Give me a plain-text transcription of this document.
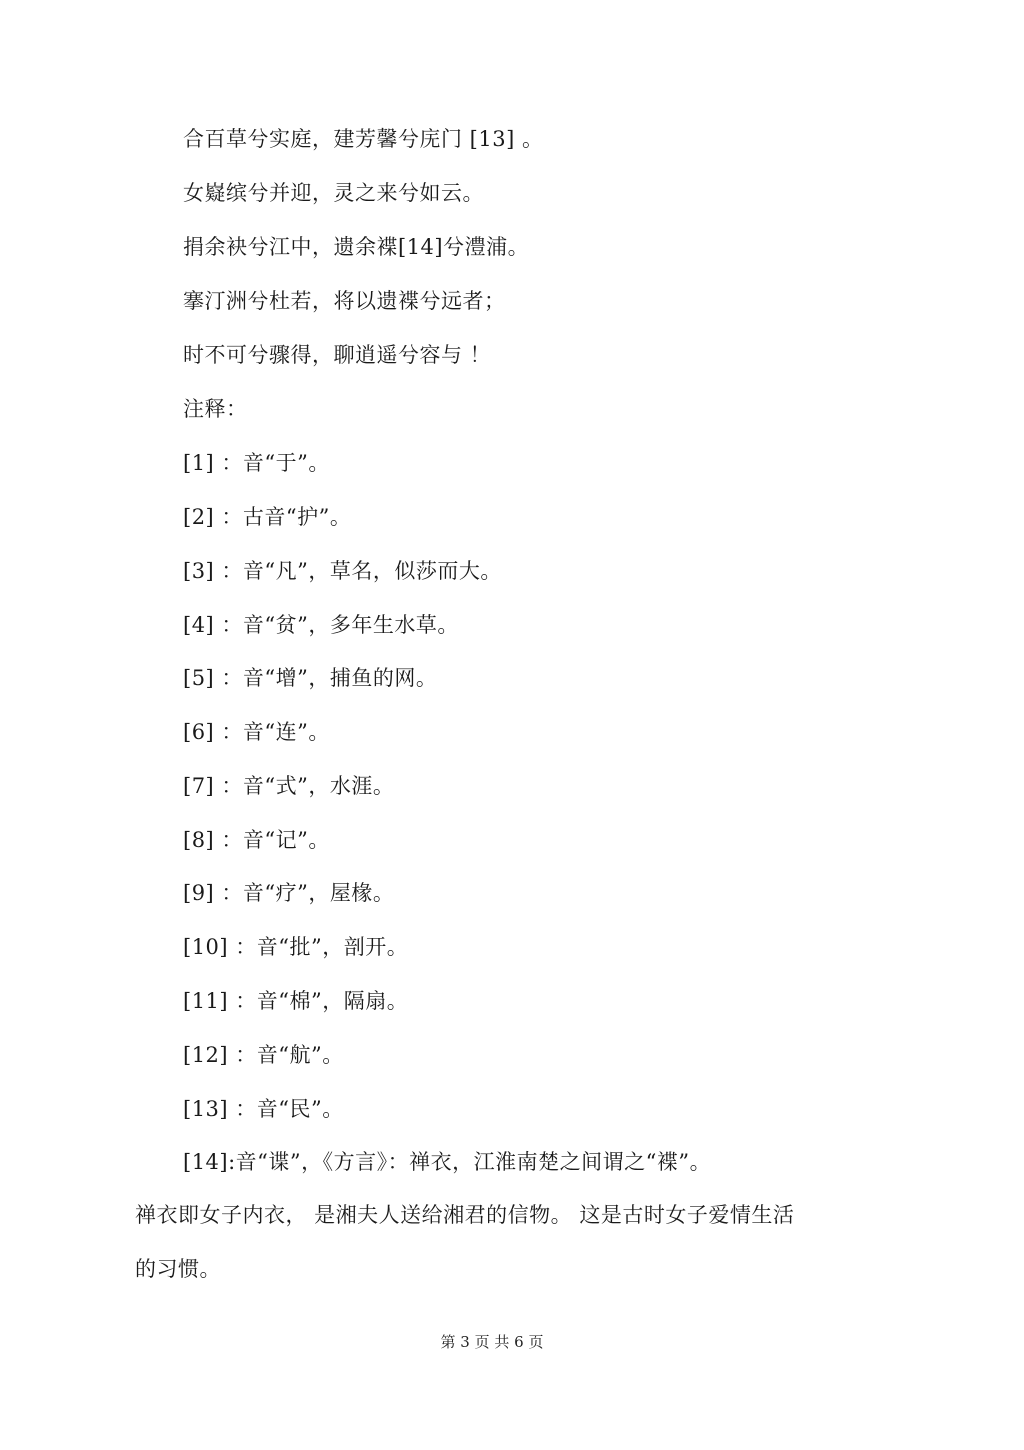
合百草兮实庭，建芳馨兮庑门 [13] 。
女嶷缤兮并迎，灵之来兮如云。
捐余袂兮江中，遗余褋[14]兮澧浦。
搴汀洲兮杜若，将以遗褋兮远者；
时不可兮骤得，聊逍遥兮容与 ！
注释：
[1] ：音“于”。
[2] ：古音“护”。
[3] ：音“凡”，草名，似莎而大。
[4] ：音“贫”，多年生水草。
[5] ：音“增”，捕鱼的网。
[6] ：音“连”。
[7] ：音“式”，水涯。
[8] ：音“记”。
[9] ：音“疗”，屋椽。
[10] ：音“批”，剖开。
[11] ：音“棉”，隔扇。
[12] ：音“航”。
[13] ：音“民”。
[14]:音“谍”，《方言》：禅衣，江淮南楚之间谓之“褋”。
禅衣即女子内衣， 是湘夫人送给湘君的信物。 这是古时女子爱情生活
的习惯。
第 3 页 共 6 页
